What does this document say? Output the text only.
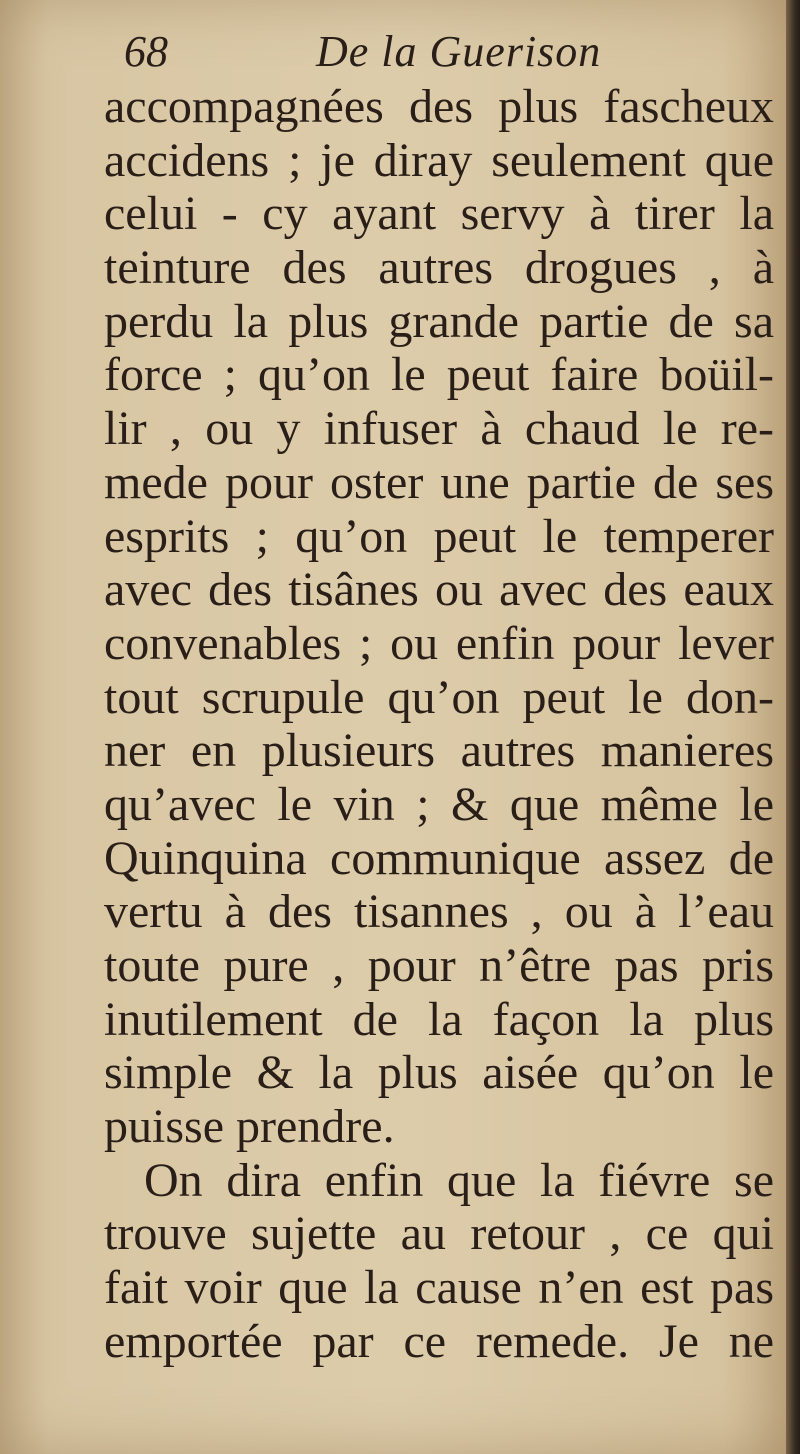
68	De la Guerison
accompagnées des plus fascheux
accidens ; je diray seulement que
celui - cy ayant servy à tirer la
teinture des autres drogues , à
perdu la plus grande partie de sa
force ; qu’on le peut faire boüil-
lir , ou y infuser à chaud le re-
mede pour oster une partie de ses
esprits ; qu’on peut le temperer
avec des tisânes ou avec des eaux
convenables ; ou enfin pour lever
tout scrupule qu’on peut le don-
ner en plusieurs autres manieres
qu’avec le vin ; & que même le
Quinquina communique assez de
vertu à des tisannes , ou à l’eau
toute pure , pour n’être pas pris
inutilement de la façon la plus
simple & la plus aisée qu’on le
puisse prendre.
On dira enfin que la fiévre se
trouve sujette au retour , ce qui
fait voir que la cause n’en est pas
emportée par ce remede. Je ne
